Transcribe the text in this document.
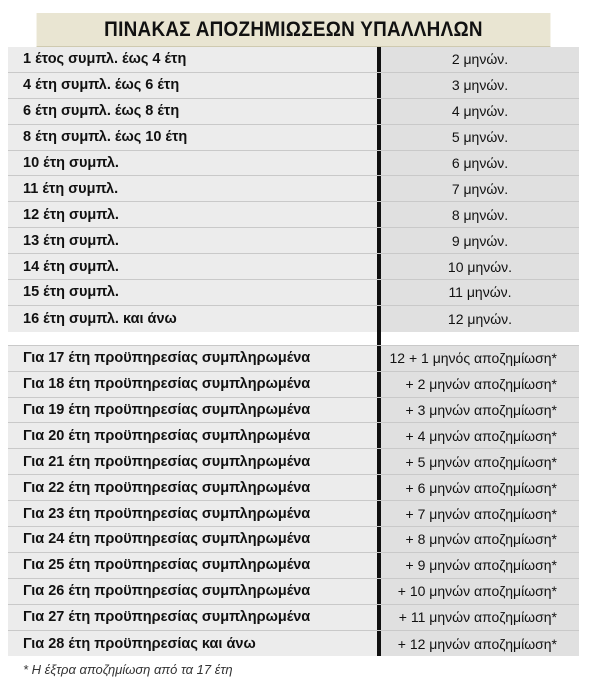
ΠΙΝΑΚΑΣ ΑΠΟΖΗΜΙΩΣΕΩΝ ΥΠΑΛΛΗΛΩΝ
1 έτος συμπλ. έως 4 έτη	2 μηνών.
4 έτη συμπλ. έως 6 έτη	3 μηνών.
6 έτη συμπλ. έως 8 έτη	4 μηνών.
8 έτη συμπλ. έως 10 έτη	5 μηνών.
10 έτη συμπλ.	6 μηνών.
11 έτη συμπλ.	7 μηνών.
12 έτη συμπλ.	8 μηνών.
13 έτη συμπλ.	9 μηνών.
14 έτη συμπλ.	10 μηνών.
15 έτη συμπλ.	11 μηνών.
16 έτη συμπλ. και άνω	12 μηνών.
Για 17 έτη προϋπηρεσίας συμπληρωμένα	12 + 1 μηνός αποζημίωση*
Για 18 έτη προϋπηρεσίας συμπληρωμένα	+ 2 μηνών αποζημίωση*
Για 19 έτη προϋπηρεσίας συμπληρωμένα	+ 3 μηνών αποζημίωση*
Για 20 έτη προϋπηρεσίας συμπληρωμένα	+ 4 μηνών αποζημίωση*
Για 21 έτη προϋπηρεσίας συμπληρωμένα	+ 5 μηνών αποζημίωση*
Για 22 έτη προϋπηρεσίας συμπληρωμένα	+ 6 μηνών αποζημίωση*
Για 23 έτη προϋπηρεσίας συμπληρωμένα	+ 7 μηνών αποζημίωση*
Για 24 έτη προϋπηρεσίας συμπληρωμένα	+ 8 μηνών αποζημίωση*
Για 25 έτη προϋπηρεσίας συμπληρωμένα	+ 9 μηνών αποζημίωση*
Για 26 έτη προϋπηρεσίας συμπληρωμένα	+ 10 μηνών αποζημίωση*
Για 27 έτη προϋπηρεσίας συμπληρωμένα	+ 11 μηνών αποζημίωση*
Για 28 έτη προϋπηρεσίας και άνω	+ 12 μηνών αποζημίωση*
* Η έξτρα αποζημίωση από τα 17 έτη
